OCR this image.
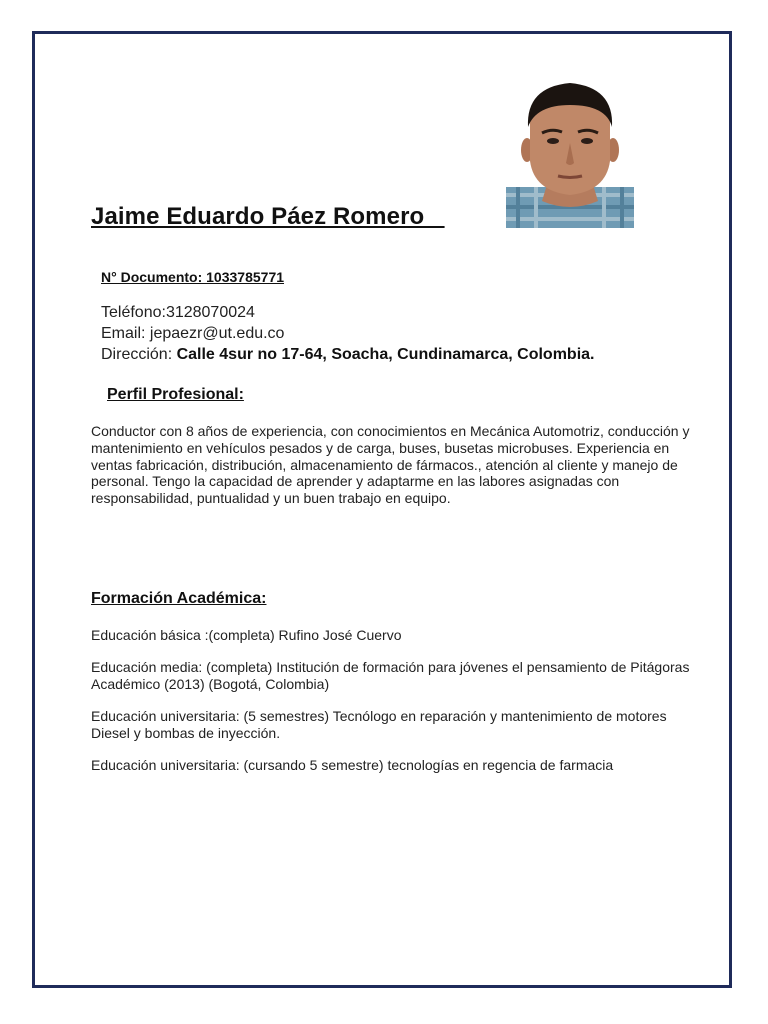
Jaime Eduardo Páez Romero
N° Documento: 1033785771
Teléfono:3128070024
Email: jepaezr@ut.edu.co
Dirección: Calle 4sur no 17-64, Soacha, Cundinamarca, Colombia.
Perfil Profesional:
Conductor con 8 años de experiencia, con conocimientos en Mecánica Automotriz, conducción y mantenimiento en vehículos pesados y de carga, buses, busetas microbuses. Experiencia en ventas fabricación, distribución, almacenamiento de fármacos., atención al cliente y manejo de personal. Tengo la capacidad de aprender y adaptarme en las labores asignadas con responsabilidad, puntualidad y un buen trabajo en equipo.
Formación Académica:
Educación básica :(completa) Rufino José Cuervo
Educación media: (completa) Institución de formación para jóvenes el pensamiento de Pitágoras Académico (2013) (Bogotá, Colombia)
Educación universitaria: (5 semestres) Tecnólogo en reparación y mantenimiento de motores Diesel y bombas de inyección.
Educación universitaria: (cursando 5 semestre) tecnologías en regencia de farmacia
